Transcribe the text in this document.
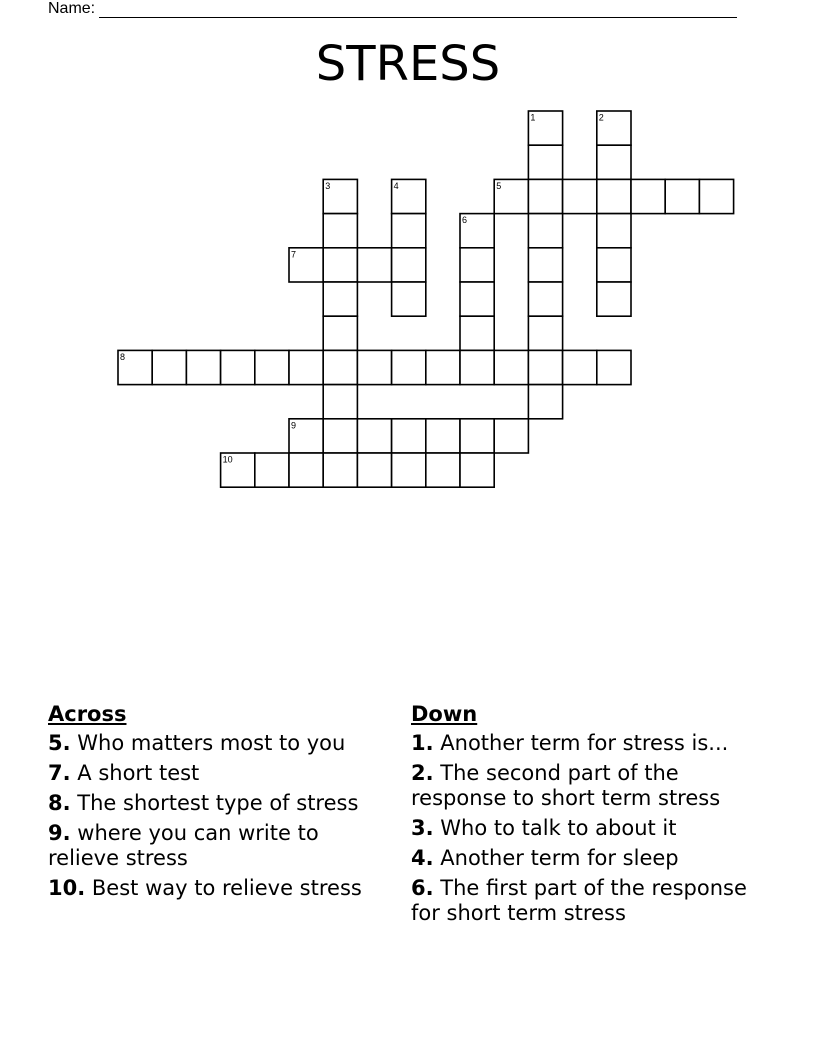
Name:
STRESS
1	2
3	4	5
6
7
8
9
10
Across
5. Who matters most to you
7. A short test
8. The shortest type of stress
9. where you can write to relieve stress
10. Best way to relieve stress
Down
1. Another term for stress is...
2. The second part of the response to short term stress
3. Who to talk to about it
4. Another term for sleep
6. The first part of the response for short term stress
